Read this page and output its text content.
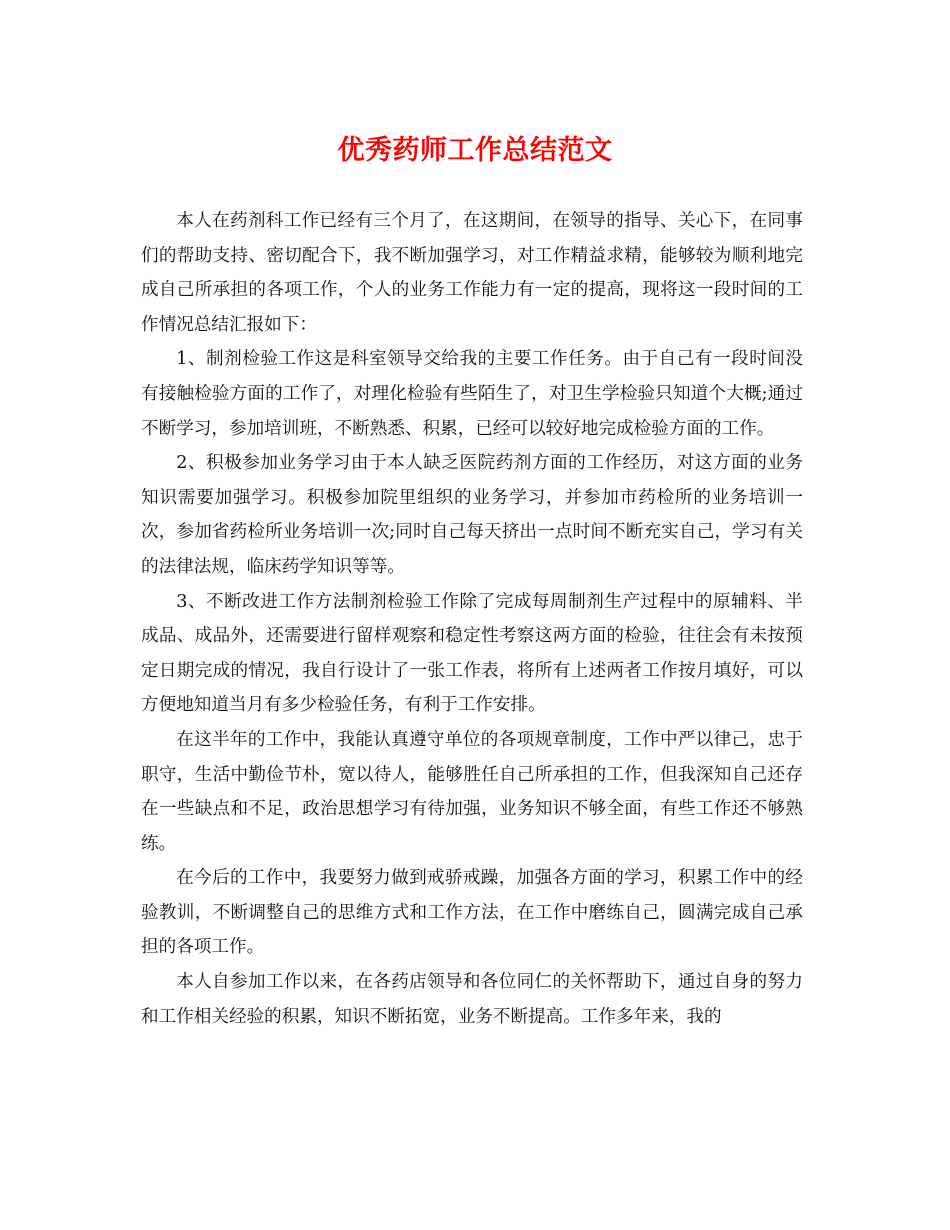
优秀药师工作总结范文

本人在药剂科工作已经有三个月了，在这期间，在领导的指导、关心下，在同事们的帮助支持、密切配合下，我不断加强学习，对工作精益求精，能够较为顺利地完成自己所承担的各项工作，个人的业务工作能力有一定的提高，现将这一段时间的工作情况总结汇报如下：

1、制剂检验工作这是科室领导交给我的主要工作任务。由于自己有一段时间没有接触检验方面的工作了，对理化检验有些陌生了，对卫生学检验只知道个大概;通过不断学习，参加培训班，不断熟悉、积累，已经可以较好地完成检验方面的工作。

2、积极参加业务学习由于本人缺乏医院药剂方面的工作经历，对这方面的业务知识需要加强学习。积极参加院里组织的业务学习，并参加市药检所的业务培训一次，参加省药检所业务培训一次;同时自己每天挤出一点时间不断充实自己，学习有关的法律法规，临床药学知识等等。

3、不断改进工作方法制剂检验工作除了完成每周制剂生产过程中的原辅料、半成品、成品外，还需要进行留样观察和稳定性考察这两方面的检验，往往会有未按预定日期完成的情况，我自行设计了一张工作表，将所有上述两者工作按月填好，可以方便地知道当月有多少检验任务，有利于工作安排。

在这半年的工作中，我能认真遵守单位的各项规章制度，工作中严以律己，忠于职守，生活中勤俭节朴，宽以待人，能够胜任自己所承担的工作，但我深知自己还存在一些缺点和不足，政治思想学习有待加强，业务知识不够全面，有些工作还不够熟练。

在今后的工作中，我要努力做到戒骄戒躁，加强各方面的学习，积累工作中的经验教训，不断调整自己的思维方式和工作方法，在工作中磨练自己，圆满完成自己承担的各项工作。

本人自参加工作以来，在各药店领导和各位同仁的关怀帮助下，通过自身的努力和工作相关经验的积累，知识不断拓宽，业务不断提高。工作多年来，我的
